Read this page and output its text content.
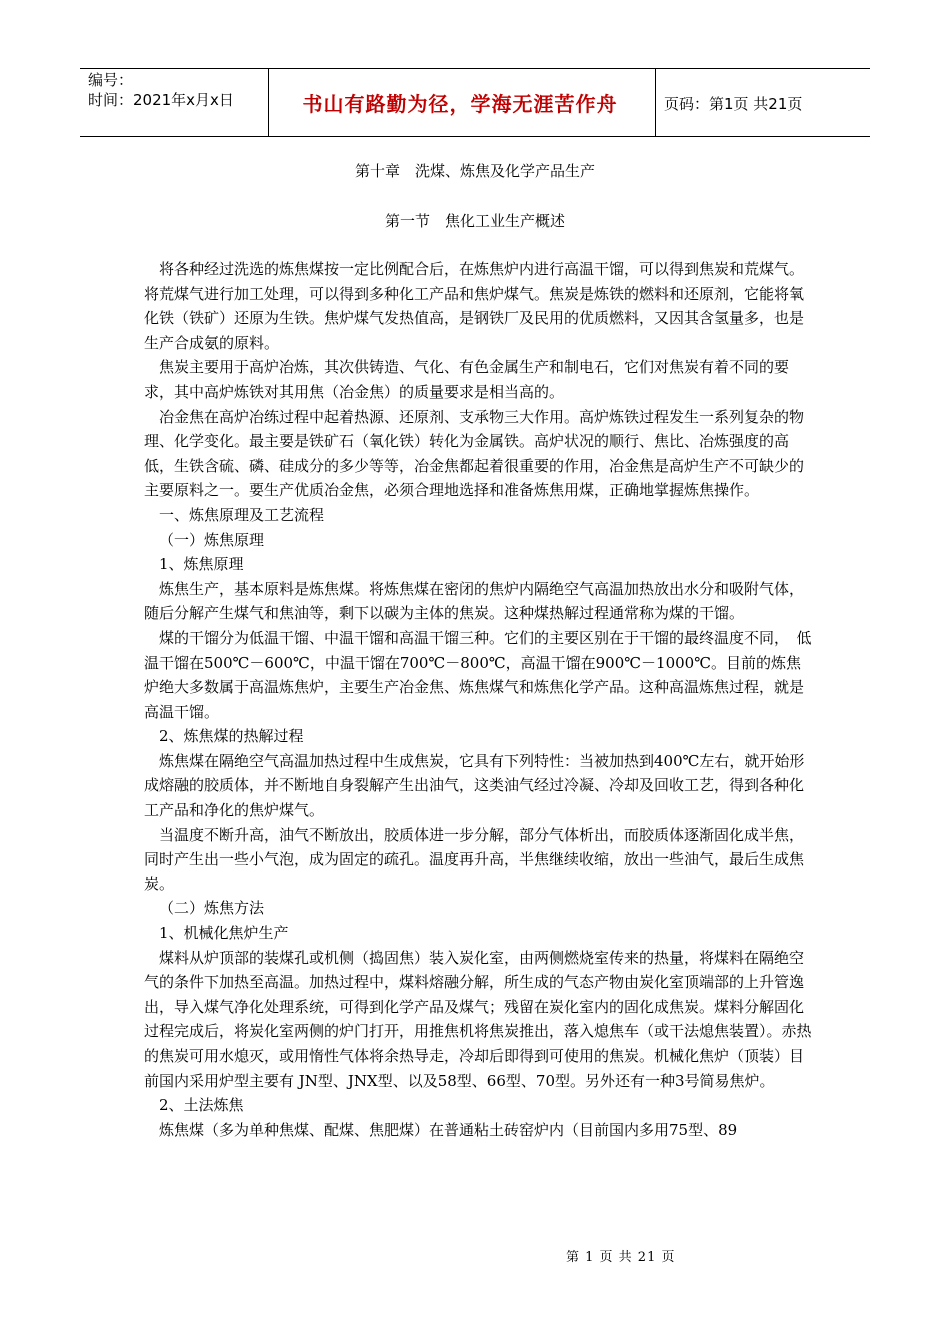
编号：
时间：2021年x月x日	书山有路勤为径，学海无涯苦作舟	页码：第1页 共21页
第十章　洗煤、炼焦及化学产品生产
第一节　焦化工业生产概述
将各种经过洗选的炼焦煤按一定比例配合后，在炼焦炉内进行高温干馏，可以得到焦炭和荒煤气。将荒煤气进行加工处理，可以得到多种化工产品和焦炉煤气。焦炭是炼铁的燃料和还原剂，它能将氧化铁（铁矿）还原为生铁。焦炉煤气发热值高，是钢铁厂及民用的优质燃料，又因其含氢量多，也是生产合成氨的原料。
焦炭主要用于高炉冶炼，其次供铸造、气化、有色金属生产和制电石，它们对焦炭有着不同的要求，其中高炉炼铁对其用焦（冶金焦）的质量要求是相当高的。
冶金焦在高炉冶练过程中起着热源、还原剂、支承物三大作用。高炉炼铁过程发生一系列复杂的物理、化学变化。最主要是铁矿石（氧化铁）转化为金属铁。高炉状况的顺行、焦比、冶炼强度的高低，生铁含硫、磷、硅成分的多少等等，冶金焦都起着很重要的作用，冶金焦是高炉生产不可缺少的主要原料之一。要生产优质冶金焦，必须合理地选择和准备炼焦用煤，正确地掌握炼焦操作。
一、炼焦原理及工艺流程
（一）炼焦原理
1、炼焦原理
炼焦生产，基本原料是炼焦煤。将炼焦煤在密闭的焦炉内隔绝空气高温加热放出水分和吸附气体，随后分解产生煤气和焦油等，剩下以碳为主体的焦炭。这种煤热解过程通常称为煤的干馏。
煤的干馏分为低温干馏、中温干馏和高温干馏三种。它们的主要区别在于干馏的最终温度不同，　低温干馏在500℃－600℃，中温干馏在700℃－800℃，高温干馏在900℃－1000℃。目前的炼焦炉绝大多数属于高温炼焦炉，主要生产冶金焦、炼焦煤气和炼焦化学产品。这种高温炼焦过程，就是高温干馏。
2、炼焦煤的热解过程
炼焦煤在隔绝空气高温加热过程中生成焦炭，它具有下列特性：当被加热到400℃左右，就开始形成熔融的胶质体，并不断地自身裂解产生出油气，这类油气经过冷凝、冷却及回收工艺，得到各种化工产品和净化的焦炉煤气。
当温度不断升高，油气不断放出，胶质体进一步分解，部分气体析出，而胶质体逐渐固化成半焦，同时产生出一些小气泡，成为固定的疏孔。温度再升高，半焦继续收缩，放出一些油气，最后生成焦炭。
（二）炼焦方法
1、机械化焦炉生产
煤料从炉顶部的装煤孔或机侧（捣固焦）装入炭化室，由两侧燃烧室传来的热量，将煤料在隔绝空气的条件下加热至高温。加热过程中，煤料熔融分解，所生成的气态产物由炭化室顶端部的上升管逸出，导入煤气净化处理系统，可得到化学产品及煤气；残留在炭化室内的固化成焦炭。煤料分解固化过程完成后，将炭化室两侧的炉门打开，用推焦机将焦炭推出，落入熄焦车（或干法熄焦装置）。赤热的焦炭可用水熄灭，或用惰性气体将余热导走，冷却后即得到可使用的焦炭。机械化焦炉（顶装）目前国内采用炉型主要有 JN型、JNX型、以及58型、66型、70型。另外还有一种3号简易焦炉。
2、土法炼焦
炼焦煤（多为单种焦煤、配煤、焦肥煤）在普通粘土砖窑炉内（目前国内多用75型、89
第 1 页 共 21 页
